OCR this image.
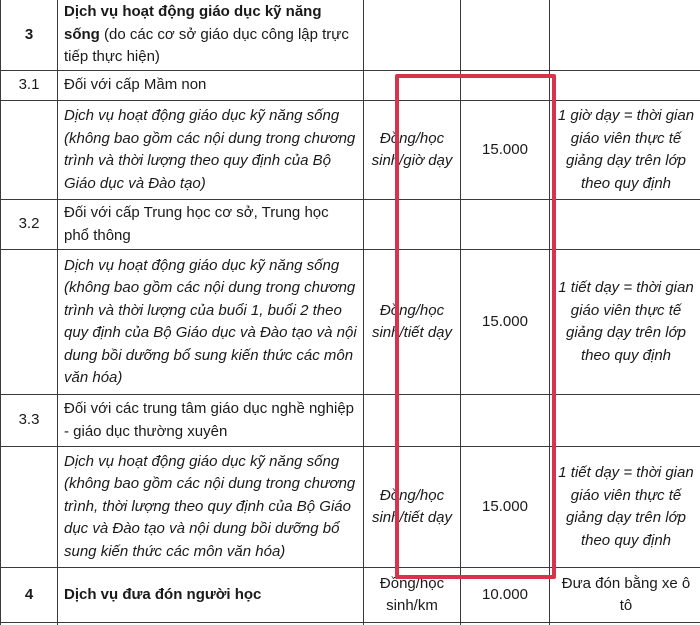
3	Dịch vụ hoạt động giáo dục kỹ năng sống (do các cơ sở giáo dục công lập trực tiếp thực hiện)			
3.1	Đối với cấp Mầm non			
	Dịch vụ hoạt động giáo dục kỹ năng sống (không bao gồm các nội dung trong chương trình và thời lượng theo quy định của Bộ Giáo dục và Đào tạo)	Đồng/học sinh/giờ dạy	15.000	1 giờ dạy = thời gian giáo viên thực tế giảng dạy trên lớp theo quy định
3.2	Đối với cấp Trung học cơ sở, Trung học phổ thông			
	Dịch vụ hoạt động giáo dục kỹ năng sống (không bao gồm các nội dung trong chương trình và thời lượng của buổi 1, buổi 2 theo quy định của Bộ Giáo dục và Đào tạo và nội dung bồi dưỡng bổ sung kiến thức các môn văn hóa)	Đồng/học sinh/tiết dạy	15.000	1 tiết dạy = thời gian giáo viên thực tế giảng dạy trên lớp theo quy định
3.3	Đối với các trung tâm giáo dục nghề nghiệp - giáo dục thường xuyên			
	Dịch vụ hoạt động giáo dục kỹ năng sống (không bao gồm các nội dung trong chương trình, thời lượng theo quy định của Bộ Giáo dục và Đào tạo và nội dung bồi dưỡng bổ sung kiến thức các môn văn hóa)	Đồng/học sinh/tiết dạy	15.000	1 tiết dạy = thời gian giáo viên thực tế giảng dạy trên lớp theo quy định
4	Dịch vụ đưa đón người học	Đồng/học sinh/km	10.000	Đưa đón bằng xe ô tô
